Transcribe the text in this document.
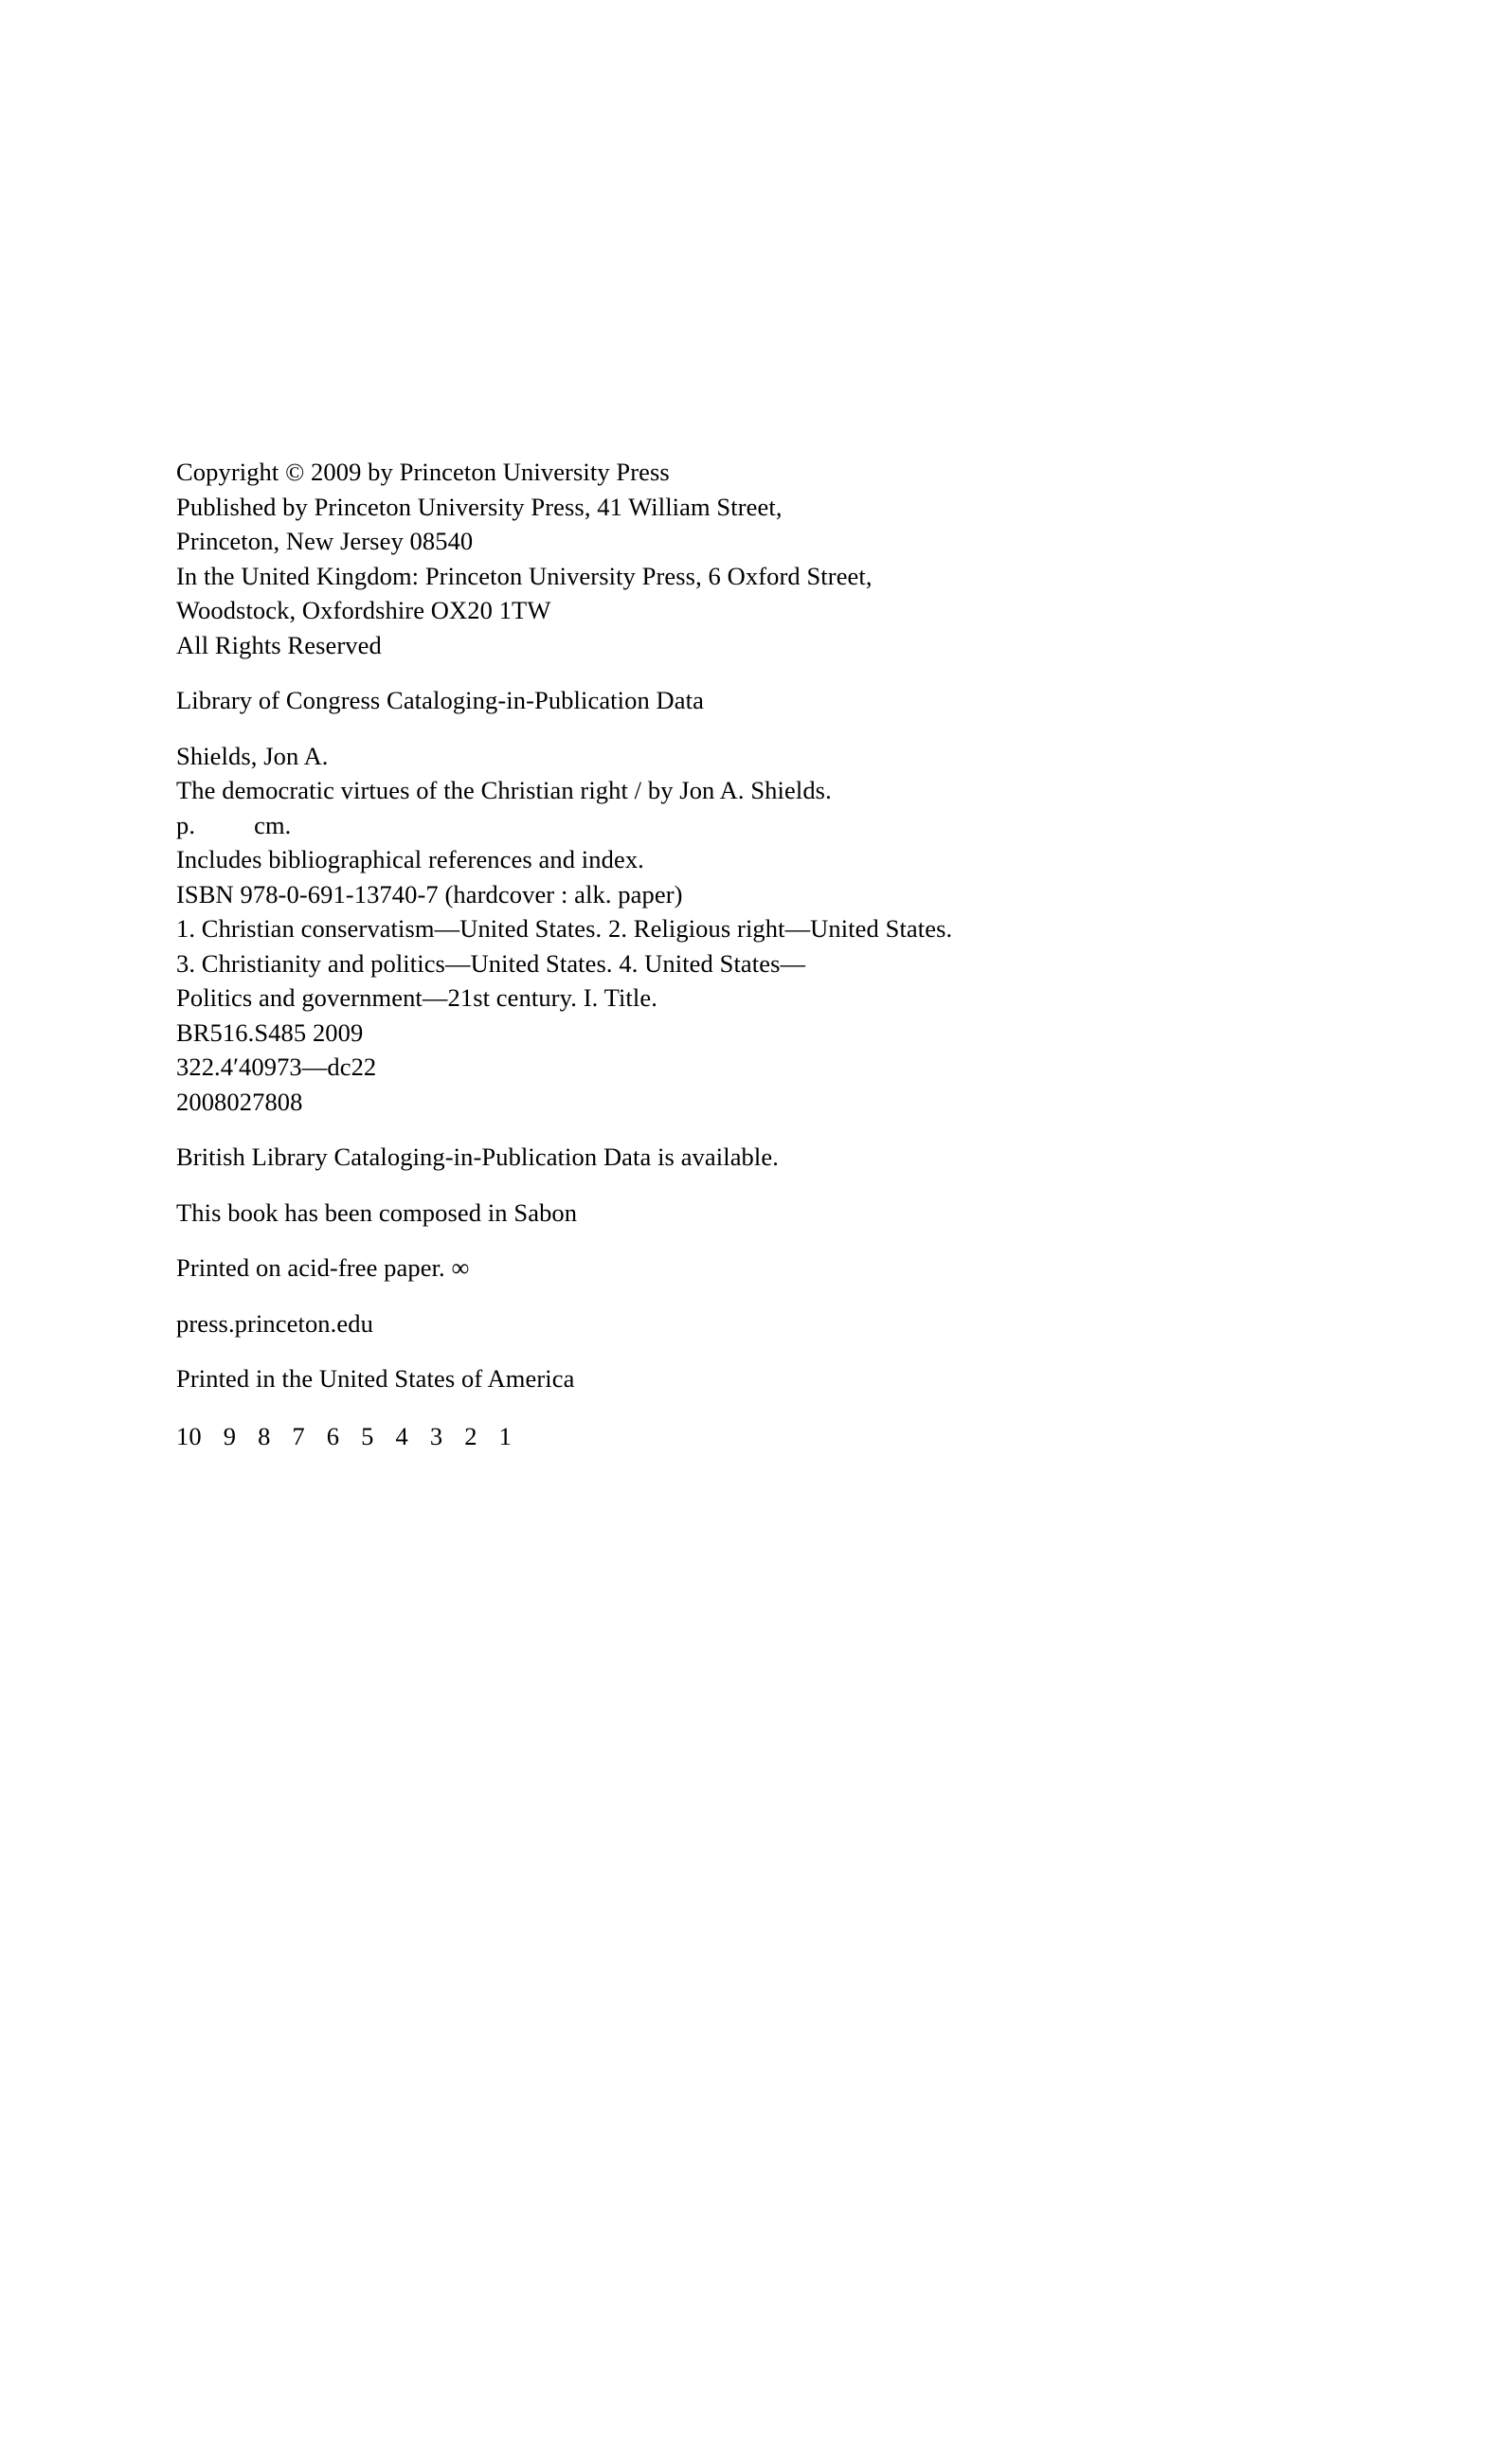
Copyright © 2009 by Princeton University Press
Published by Princeton University Press, 41 William Street,
Princeton, New Jersey 08540
In the United Kingdom: Princeton University Press, 6 Oxford Street,
Woodstock, Oxfordshire OX20 1TW
All Rights Reserved
Library of Congress Cataloging-in-Publication Data
Shields, Jon A.
The democratic virtues of the Christian right / by Jon A. Shields.
p. cm.
Includes bibliographical references and index.
ISBN 978-0-691-13740-7 (hardcover : alk. paper)
1. Christian conservatism—United States. 2. Religious right—United States.
3. Christianity and politics—United States. 4. United States—
Politics and government—21st century. I. Title.
BR516.S485 2009
322.4′40973—dc22
2008027808
British Library Cataloging-in-Publication Data is available.
This book has been composed in Sabon
Printed on acid-free paper. ∞
press.princeton.edu
Printed in the United States of America
10 9 8 7 6 5 4 3 2 1
